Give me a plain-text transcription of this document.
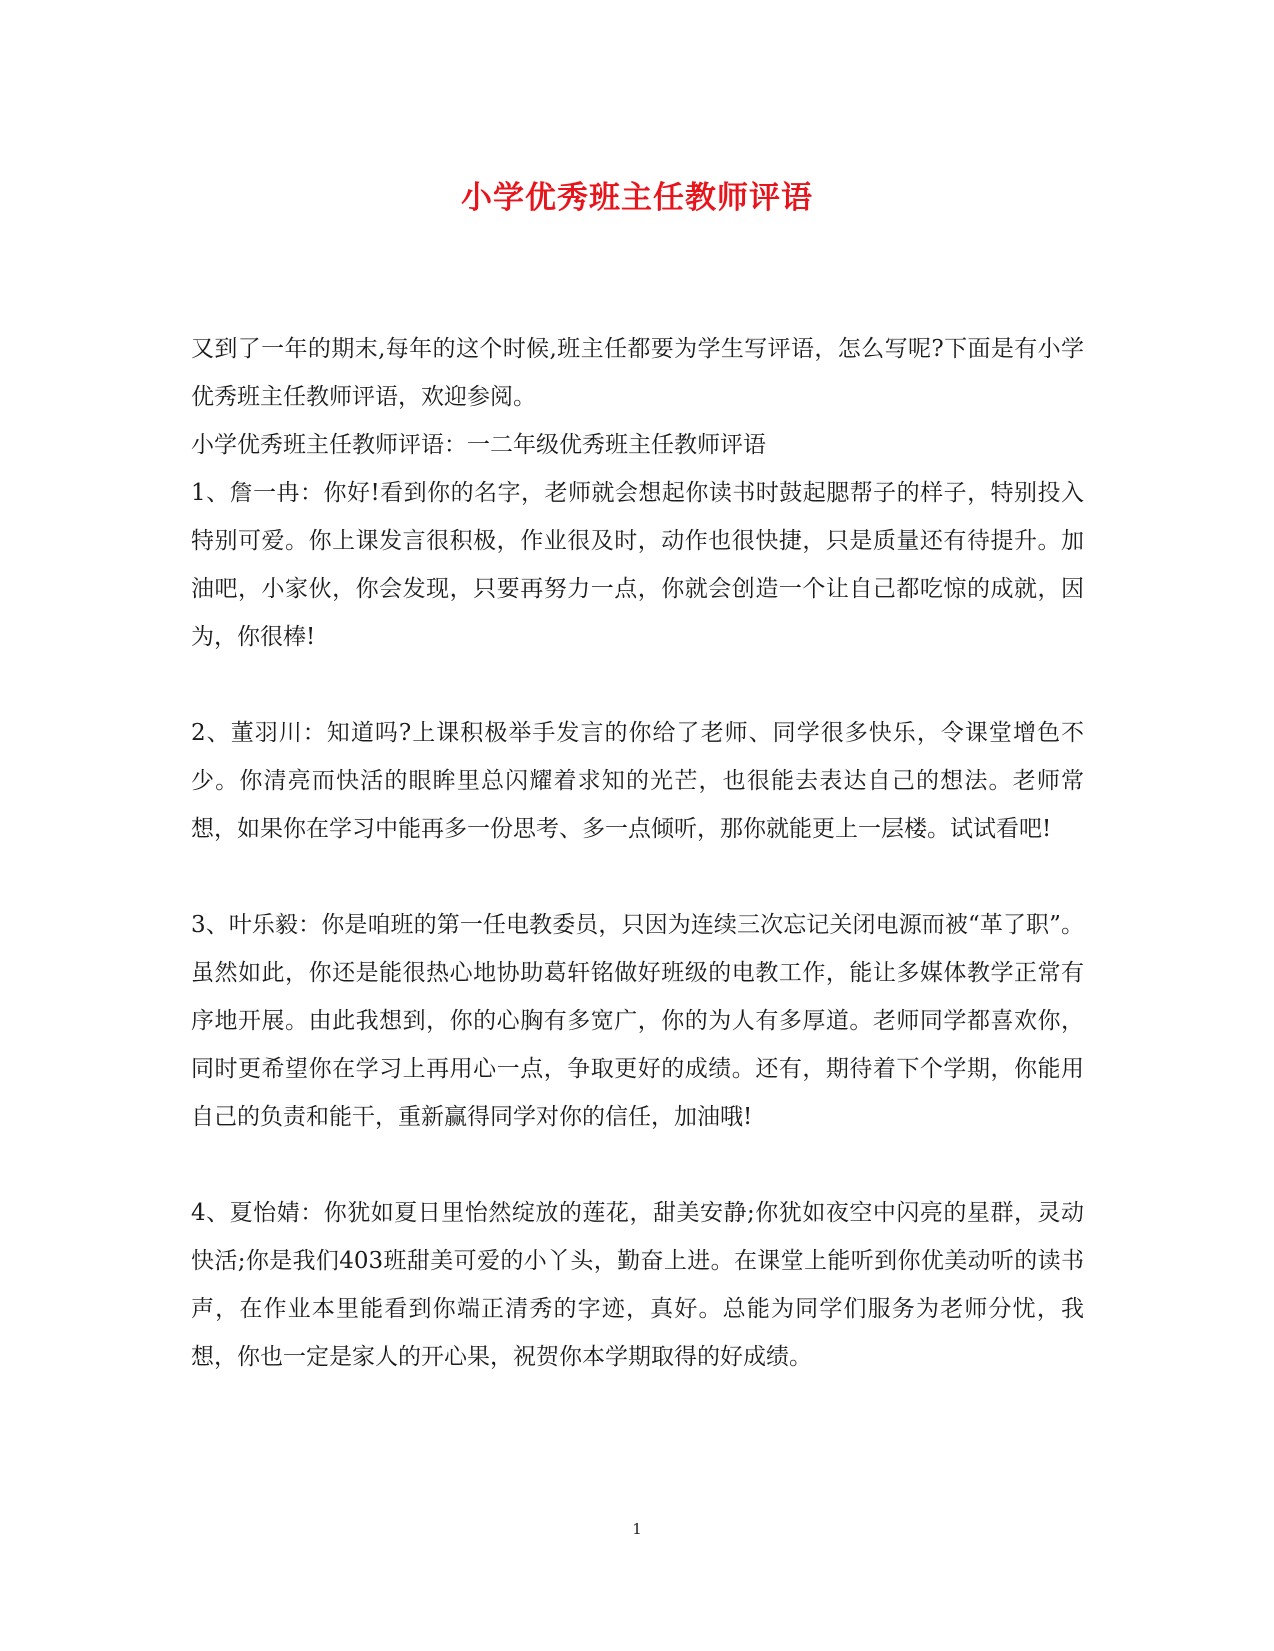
小学优秀班主任教师评语

又到了一年的期末,每年的这个时候,班主任都要为学生写评语，怎么写呢?下面是有小学优秀班主任教师评语，欢迎参阅。

小学优秀班主任教师评语：一二年级优秀班主任教师评语

1、詹一冉：你好!看到你的名字，老师就会想起你读书时鼓起腮帮子的样子，特别投入特别可爱。你上课发言很积极，作业很及时，动作也很快捷，只是质量还有待提升。加油吧，小家伙，你会发现，只要再努力一点，你就会创造一个让自己都吃惊的成就，因为，你很棒!

2、董羽川：知道吗?上课积极举手发言的你给了老师、同学很多快乐，令课堂增色不少。你清亮而快活的眼眸里总闪耀着求知的光芒，也很能去表达自己的想法。老师常想，如果你在学习中能再多一份思考、多一点倾听，那你就能更上一层楼。试试看吧!

3、叶乐毅：你是咱班的第一任电教委员，只因为连续三次忘记关闭电源而被“革了职”。虽然如此，你还是能很热心地协助葛轩铭做好班级的电教工作，能让多媒体教学正常有序地开展。由此我想到，你的心胸有多宽广，你的为人有多厚道。老师同学都喜欢你，同时更希望你在学习上再用心一点，争取更好的成绩。还有，期待着下个学期，你能用自己的负责和能干，重新赢得同学对你的信任，加油哦!

4、夏怡婧：你犹如夏日里怡然绽放的莲花，甜美安静;你犹如夜空中闪亮的星群，灵动快活;你是我们403班甜美可爱的小丫头，勤奋上进。在课堂上能听到你优美动听的读书声，在作业本里能看到你端正清秀的字迹，真好。总能为同学们服务为老师分忧，我想，你也一定是家人的开心果，祝贺你本学期取得的好成绩。

1
